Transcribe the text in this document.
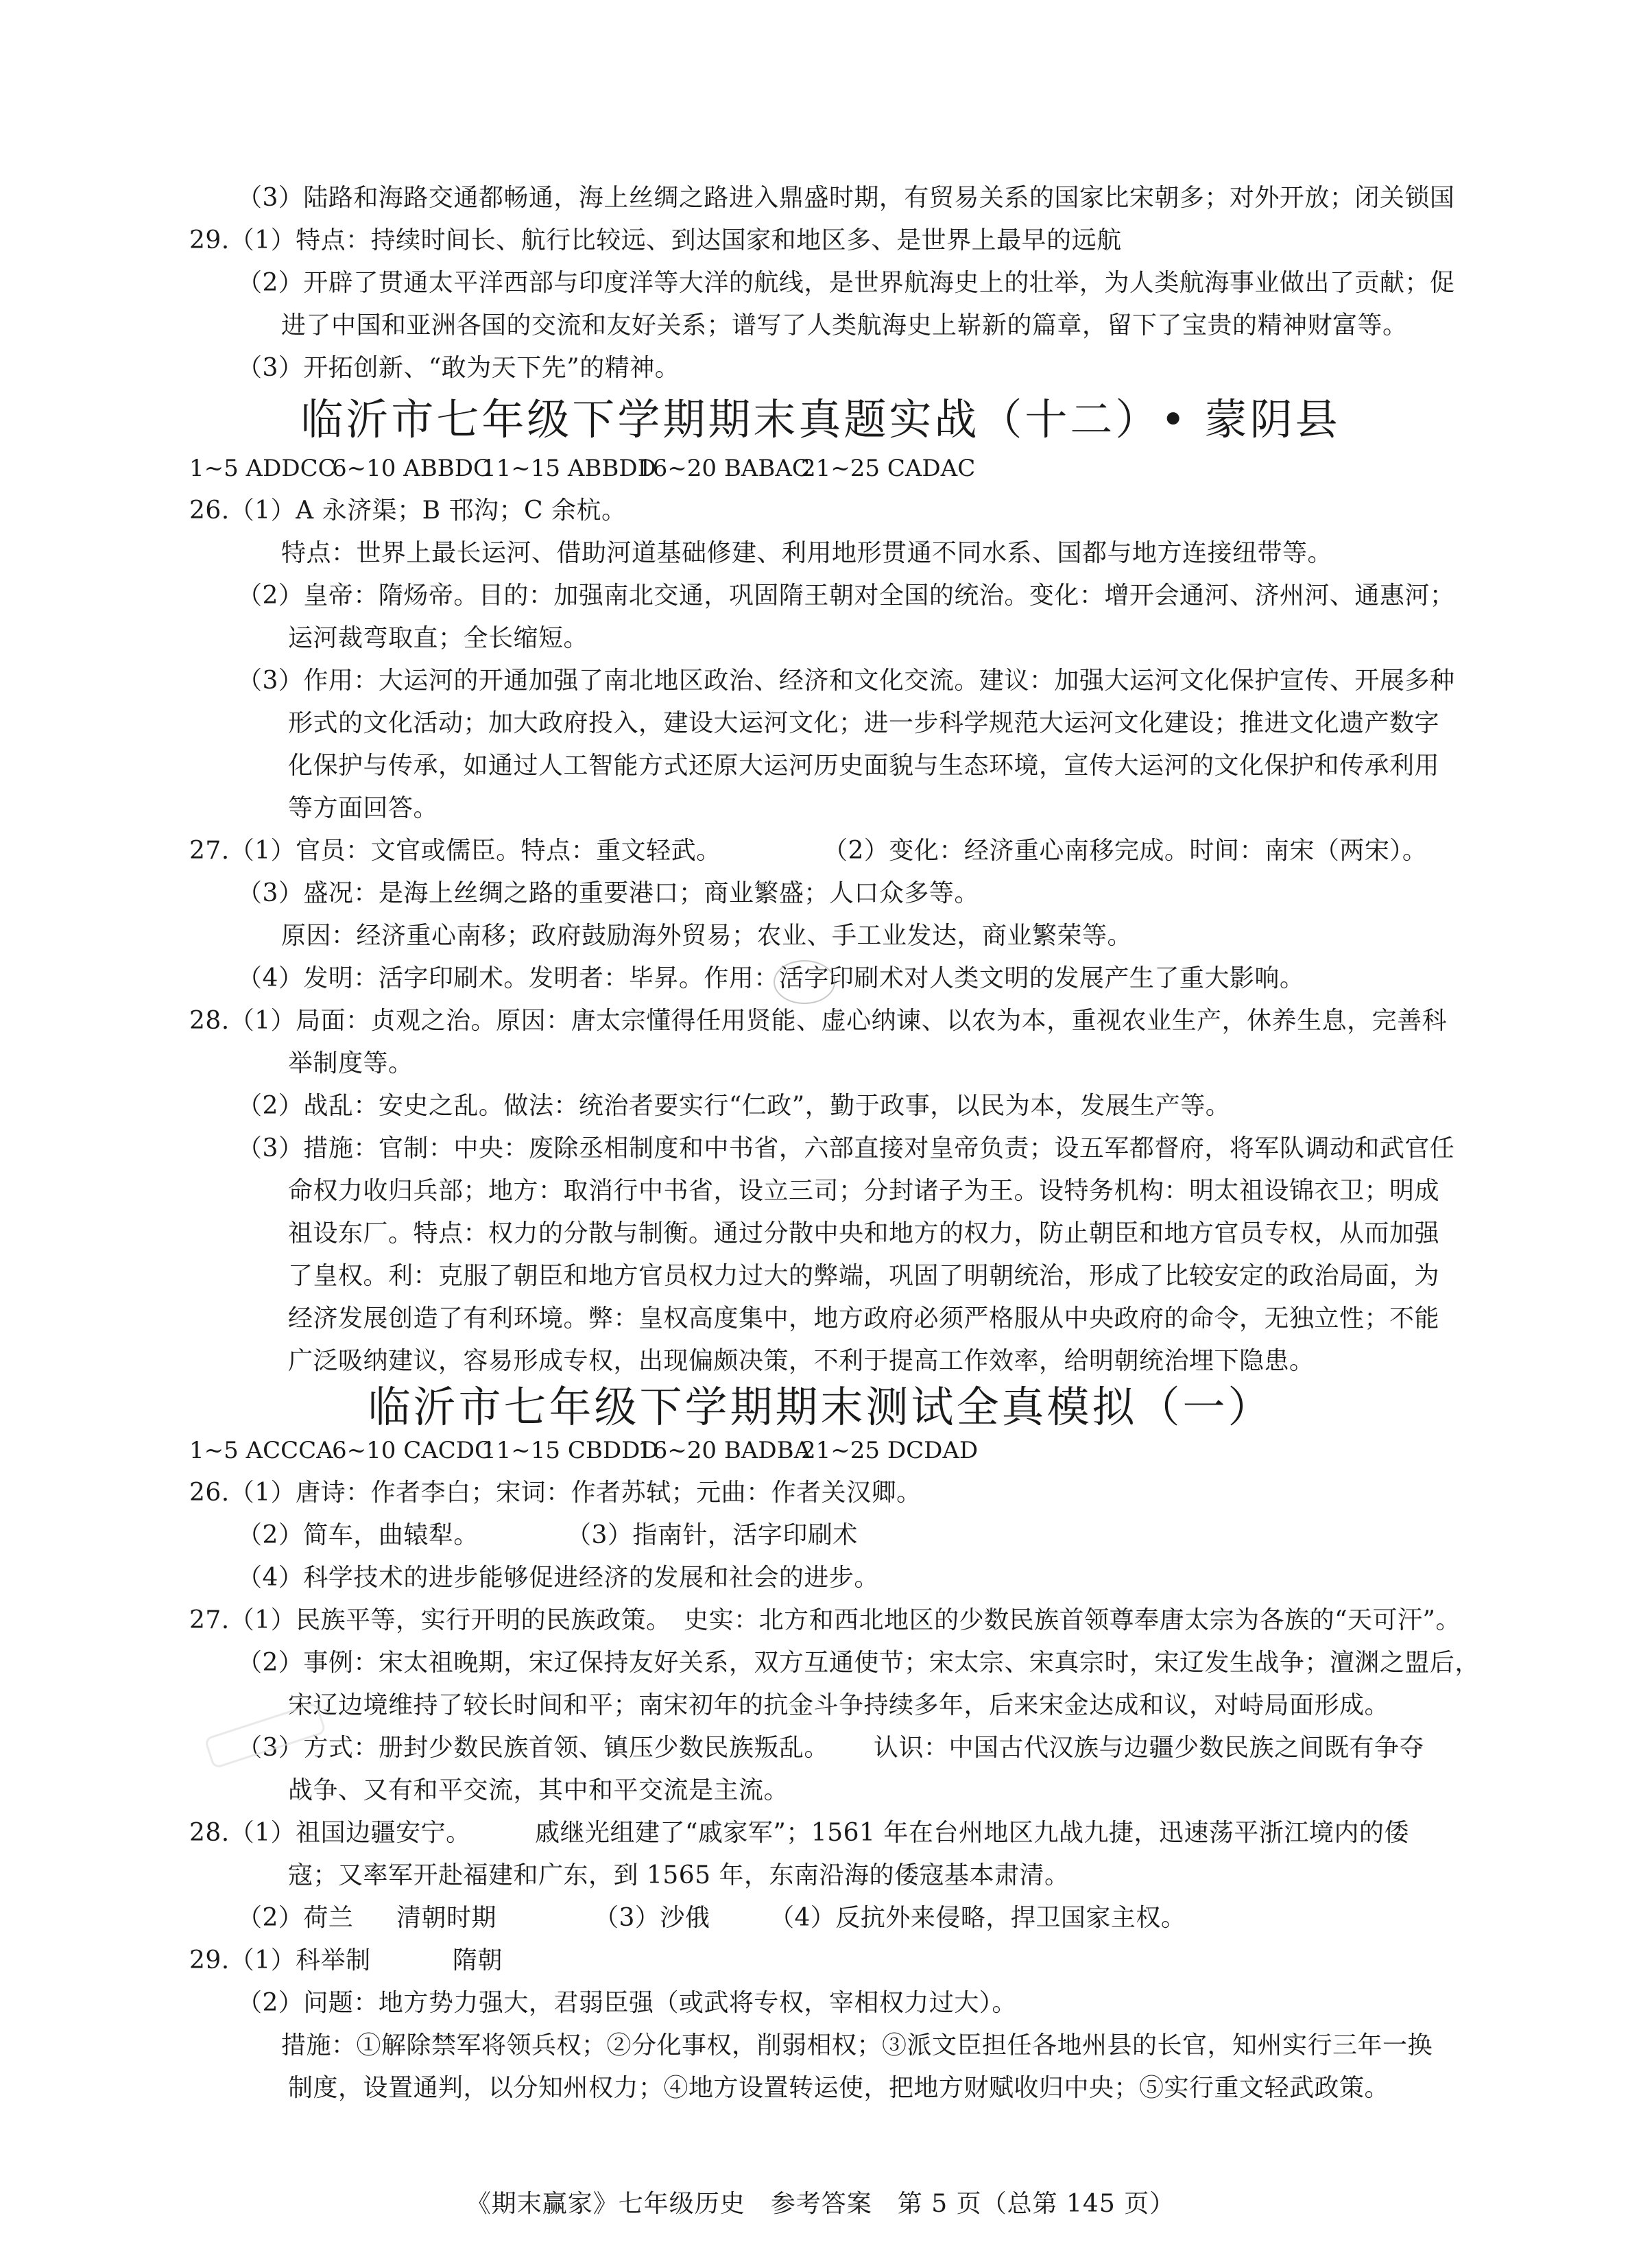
（3）陆路和海路交通都畅通，海上丝绸之路进入鼎盛时期，有贸易关系的国家比宋朝多；对外开放；闭关锁国
29.（1）特点：持续时间长、航行比较远、到达国家和地区多、是世界上最早的远航
（2）开辟了贯通太平洋西部与印度洋等大洋的航线，是世界航海史上的壮举，为人类航海事业做出了贡献；促
进了中国和亚洲各国的交流和友好关系；谱写了人类航海史上崭新的篇章，留下了宝贵的精神财富等。
（3）开拓创新、“敢为天下先”的精神。
临沂市七年级下学期期末真题实战（十二）• 蒙阴县
1~5 ADDCC6~10 ABBDC11~15 ABBDD16~20 BABAC21~25 CADAC
26.（1）A 永济渠；B 邗沟；C 余杭。
特点：世界上最长运河、借助河道基础修建、利用地形贯通不同水系、国都与地方连接纽带等。
（2）皇帝：隋炀帝。目的：加强南北交通，巩固隋王朝对全国的统治。变化：增开会通河、济州河、通惠河；
运河裁弯取直；全长缩短。
（3）作用：大运河的开通加强了南北地区政治、经济和文化交流。建议：加强大运河文化保护宣传、开展多种
形式的文化活动；加大政府投入，建设大运河文化；进一步科学规范大运河文化建设；推进文化遗产数字
化保护与传承，如通过人工智能方式还原大运河历史面貌与生态环境，宣传大运河的文化保护和传承利用
等方面回答。
27.（1）官员：文官或儒臣。特点：重文轻武。	（2）变化：经济重心南移完成。时间：南宋（两宋）。
（3）盛况：是海上丝绸之路的重要港口；商业繁盛；人口众多等。
原因：经济重心南移；政府鼓励海外贸易；农业、手工业发达，商业繁荣等。
（4）发明：活字印刷术。发明者：毕昇。作用：活字印刷术对人类文明的发展产生了重大影响。
28.（1）局面：贞观之治。原因：唐太宗懂得任用贤能、虚心纳谏、以农为本，重视农业生产，休养生息，完善科
举制度等。
（2）战乱：安史之乱。做法：统治者要实行“仁政”，勤于政事，以民为本，发展生产等。
（3）措施：官制：中央：废除丞相制度和中书省，六部直接对皇帝负责；设五军都督府，将军队调动和武官任
命权力收归兵部；地方：取消行中书省，设立三司；分封诸子为王。设特务机构：明太祖设锦衣卫；明成
祖设东厂。特点：权力的分散与制衡。通过分散中央和地方的权力，防止朝臣和地方官员专权，从而加强
了皇权。利：克服了朝臣和地方官员权力过大的弊端，巩固了明朝统治，形成了比较安定的政治局面，为
经济发展创造了有利环境。弊：皇权高度集中，地方政府必须严格服从中央政府的命令，无独立性；不能
广泛吸纳建议，容易形成专权，出现偏颇决策，不利于提高工作效率，给明朝统治埋下隐患。
临沂市七年级下学期期末测试全真模拟（一）
1~5 ACCCA6~10 CACDC11~15 CBDDD16~20 BADBA21~25 DCDAD
26.（1）唐诗：作者李白；宋词：作者苏轼；元曲：作者关汉卿。
（2）简车，曲辕犁。	（3）指南针，活字印刷术
（4）科学技术的进步能够促进经济的发展和社会的进步。
27.（1）民族平等，实行开明的民族政策。　史实：北方和西北地区的少数民族首领尊奉唐太宗为各族的“天可汗”。
（2）事例：宋太祖晚期，宋辽保持友好关系，双方互通使节；宋太宗、宋真宗时，宋辽发生战争；澶渊之盟后，
宋辽边境维持了较长时间和平；南宋初年的抗金斗争持续多年，后来宋金达成和议，对峙局面形成。
（3）方式：册封少数民族首领、镇压少数民族叛乱。 认识：中国古代汉族与边疆少数民族之间既有争夺
战争、又有和平交流，其中和平交流是主流。
28.（1）祖国边疆安宁。	戚继光组建了“戚家军”；1561 年在台州地区九战九捷，迅速荡平浙江境内的倭
寇；又率军开赴福建和广东，到 1565 年，东南沿海的倭寇基本肃清。
（2）荷兰 清朝时期	（3）沙俄 （4）反抗外来侵略，捍卫国家主权。
29.（1）科举制	隋朝
（2）问题：地方势力强大，君弱臣强（或武将专权，宰相权力过大）。
措施：①解除禁军将领兵权；②分化事权，削弱相权；③派文臣担任各地州县的长官，知州实行三年一换
制度，设置通判，以分知州权力；④地方设置转运使，把地方财赋收归中央；⑤实行重文轻武政策。
《期末赢家》七年级历史　参考答案　第 5 页（总第 145 页）
